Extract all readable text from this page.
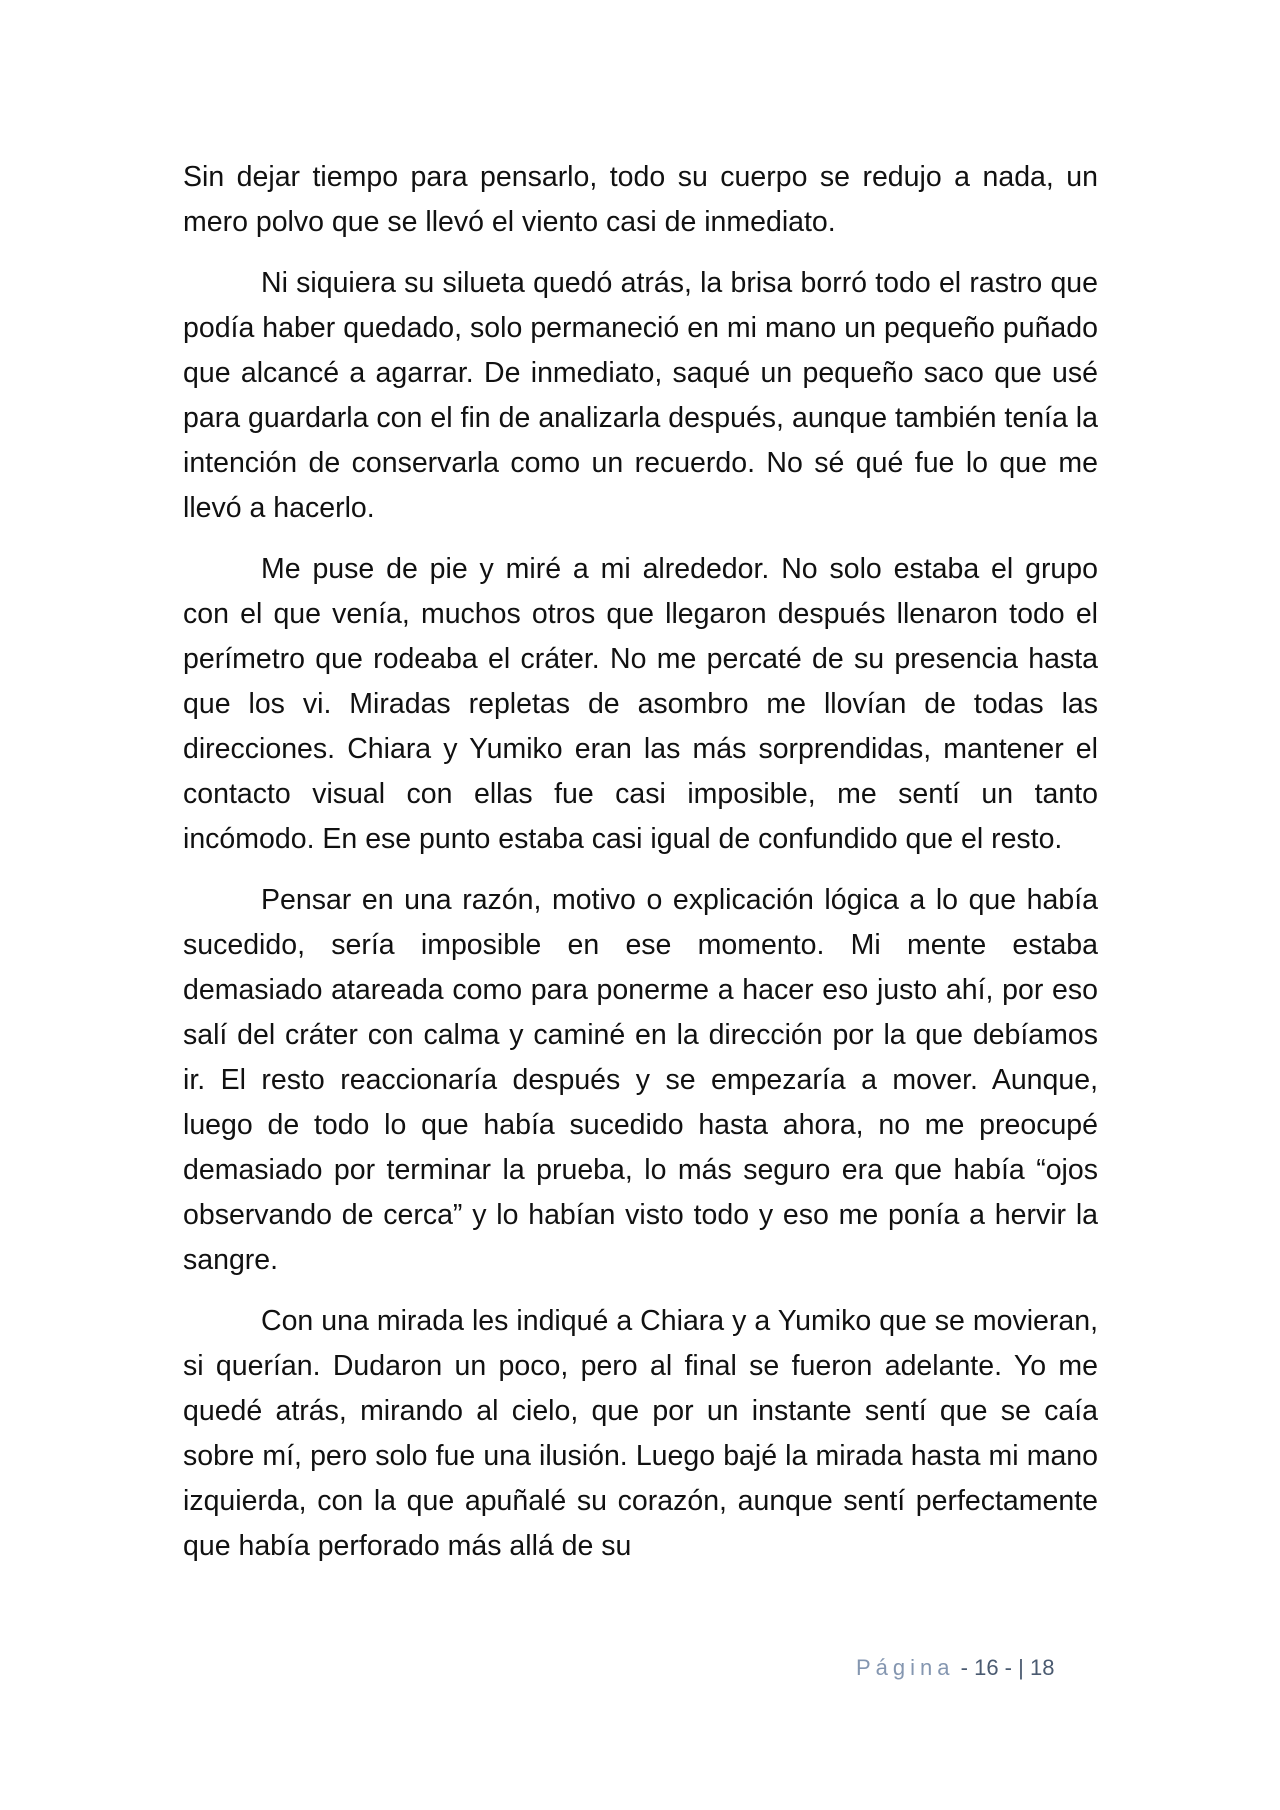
Sin dejar tiempo para pensarlo, todo su cuerpo se redujo a nada, un mero polvo que se llevó el viento casi de inmediato.

Ni siquiera su silueta quedó atrás, la brisa borró todo el rastro que podía haber quedado, solo permaneció en mi mano un pequeño puñado que alcancé a agarrar. De inmediato, saqué un pequeño saco que usé para guardarla con el fin de analizarla después, aunque también tenía la intención de conservarla como un recuerdo. No sé qué fue lo que me llevó a hacerlo.

Me puse de pie y miré a mi alrededor. No solo estaba el grupo con el que venía, muchos otros que llegaron después llenaron todo el perímetro que rodeaba el cráter. No me percaté de su presencia hasta que los vi. Miradas repletas de asombro me llovían de todas las direcciones. Chiara y Yumiko eran las más sorprendidas, mantener el contacto visual con ellas fue casi imposible, me sentí un tanto incómodo. En ese punto estaba casi igual de confundido que el resto.

Pensar en una razón, motivo o explicación lógica a lo que había sucedido, sería imposible en ese momento. Mi mente estaba demasiado atareada como para ponerme a hacer eso justo ahí, por eso salí del cráter con calma y caminé en la dirección por la que debíamos ir. El resto reaccionaría después y se empezaría a mover. Aunque, luego de todo lo que había sucedido hasta ahora, no me preocupé demasiado por terminar la prueba, lo más seguro era que había “ojos observando de cerca” y lo habían visto todo y eso me ponía a hervir la sangre.

Con una mirada les indiqué a Chiara y a Yumiko que se movieran, si querían. Dudaron un poco, pero al final se fueron adelante. Yo me quedé atrás, mirando al cielo, que por un instante sentí que se caía sobre mí, pero solo fue una ilusión. Luego bajé la mirada hasta mi mano izquierda, con la que apuñalé su corazón, aunque sentí perfectamente que había perforado más allá de su

Página - 16 - | 18
